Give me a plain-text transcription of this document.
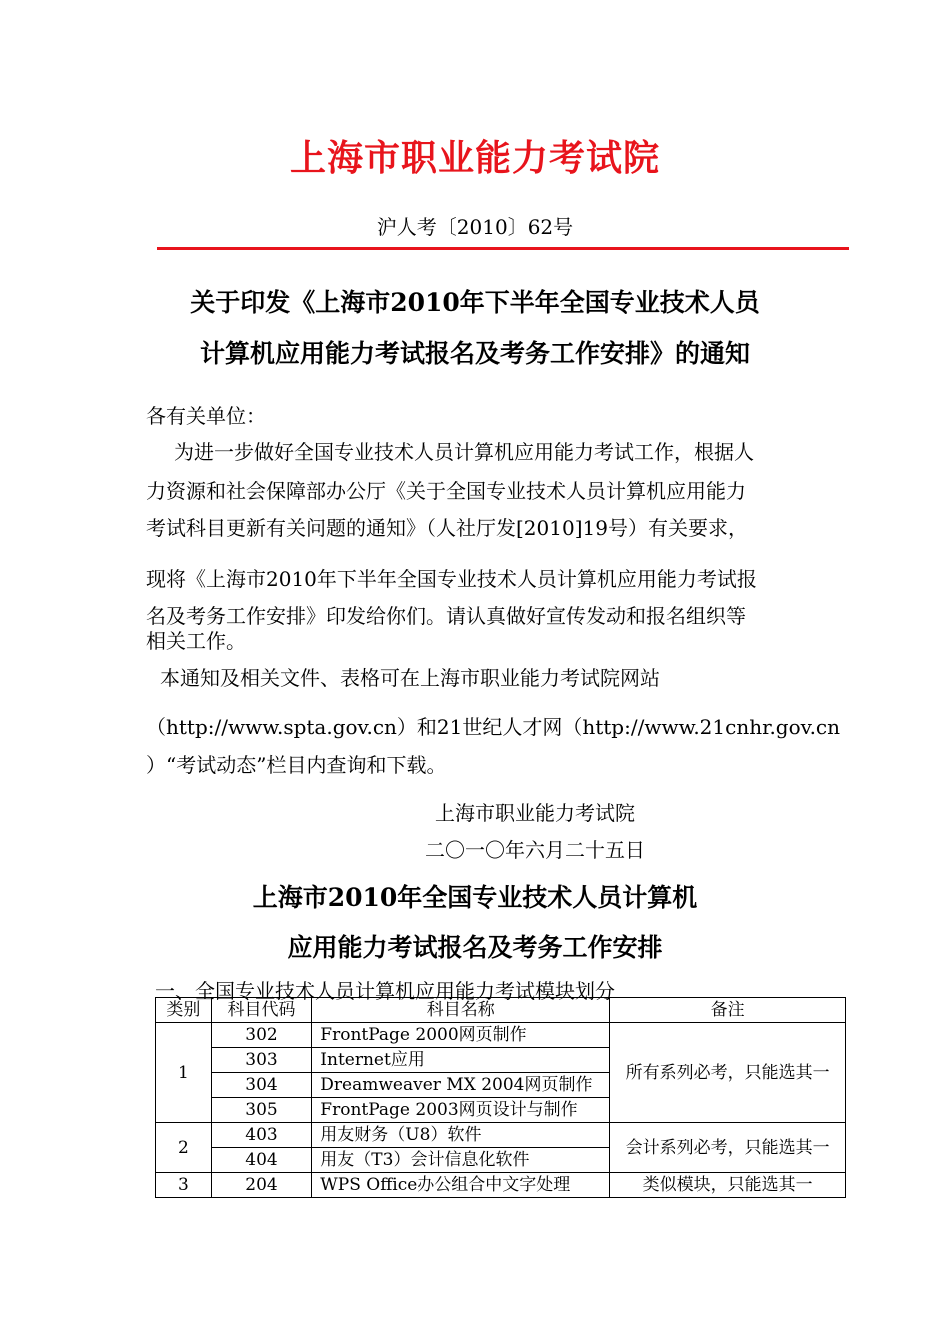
上海市职业能力考试院
沪人考〔2010〕62号
关于印发《上海市2010年下半年全国专业技术人员
计算机应用能力考试报名及考务工作安排》的通知
各有关单位：
为进一步做好全国专业技术人员计算机应用能力考试工作，根据人
力资源和社会保障部办公厅《关于全国专业技术人员计算机应用能力
考试科目更新有关问题的通知》（人社厅发[2010]19号）有关要求，
现将《上海市2010年下半年全国专业技术人员计算机应用能力考试报
名及考务工作安排》印发给你们。请认真做好宣传发动和报名组织等
相关工作。
本通知及相关文件、表格可在上海市职业能力考试院网站
（http://www.spta.gov.cn）和21世纪人才网（http://www.21cnhr.gov.cn
）“考试动态”栏目内查询和下载。
上海市职业能力考试院
二〇一〇年六月二十五日
上海市2010年全国专业技术人员计算机
应用能力考试报名及考务工作安排
一、全国专业技术人员计算机应用能力考试模块划分
类别	科目代码	科目名称	备注
1	302	FrontPage 2000网页制作	所有系列必考，只能选其一
	303	Internet应用	
	304	Dreamweaver MX 2004网页制作	
	305	FrontPage 2003网页设计与制作	
2	403	用友财务（U8）软件	会计系列必考，只能选其一
	404	用友（T3）会计信息化软件	
3	204	WPS Office办公组合中文字处理	类似模块，只能选其一
